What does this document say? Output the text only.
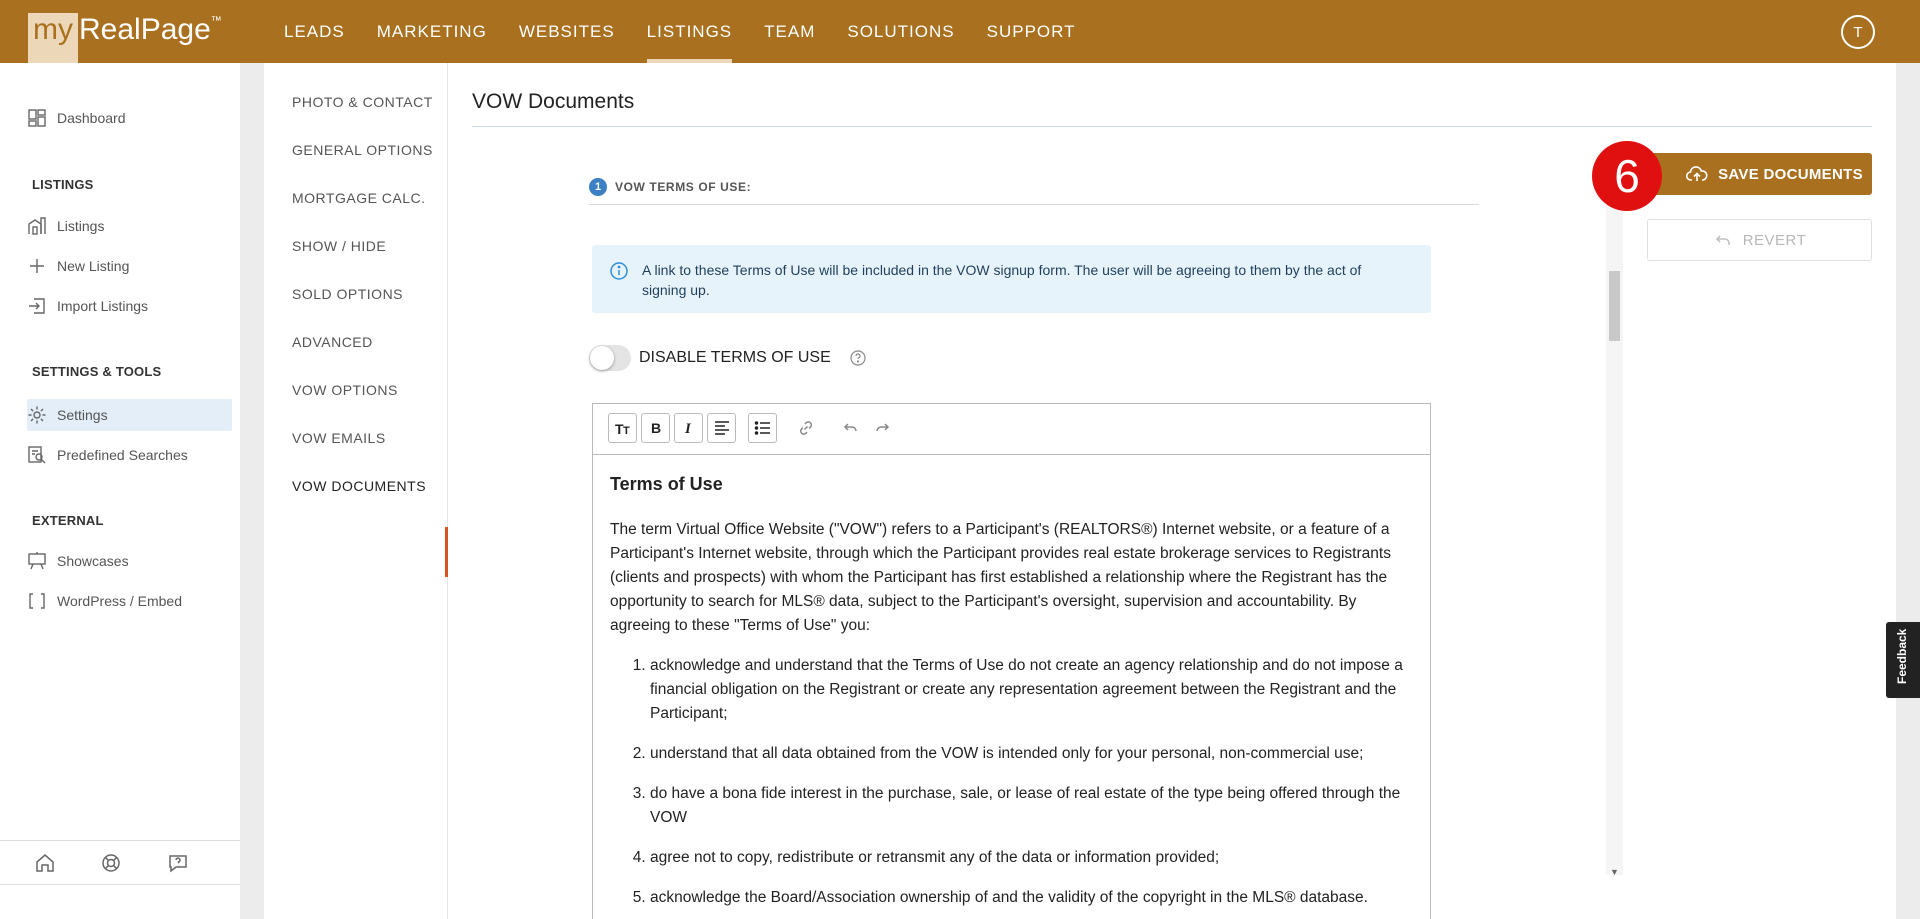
my RealPage ™
LEADS	MARKETING	WEBSITES	LISTINGS	TEAM	SOLUTIONS	SUPPORT	T
Dashboard
LISTINGS
Listings
New Listing
Import Listings
SETTINGS & TOOLS
Settings
Predefined Searches
EXTERNAL
Showcases
WordPress / Embed
PHOTO & CONTACT
GENERAL OPTIONS
MORTGAGE CALC.
SHOW / HIDE
SOLD OPTIONS
ADVANCED
VOW OPTIONS
VOW EMAILS
VOW DOCUMENTS
VOW Documents
1	VOW TERMS OF USE:
A link to these Terms of Use will be included in the VOW signup form. The user will be agreeing to them by the act of signing up.
DISABLE TERMS OF USE
T T B I
Terms of Use

The term Virtual Office Website ("VOW") refers to a Participant's (REALTORS®) Internet website, or a feature of a Participant's Internet website, through which the Participant provides real estate brokerage services to Registrants (clients and prospects) with whom the Participant has first established a relationship where the Registrant has the opportunity to search for MLS® data, subject to the Participant's oversight, supervision and accountability. By agreeing to these "Terms of Use" you:

1. acknowledge and understand that the Terms of Use do not create an agency relationship and do not impose a financial obligation on the Registrant or create any representation agreement between the Registrant and the Participant;
2. understand that all data obtained from the VOW is intended only for your personal, non-commercial use;
3. do have a bona fide interest in the purchase, sale, or lease of real estate of the type being offered through the VOW
4. agree not to copy, redistribute or retransmit any of the data or information provided;
5. acknowledge the Board/Association ownership of and the validity of the copyright in the MLS® database.
▼
SAVE DOCUMENTS
REVERT
6
Feedback
